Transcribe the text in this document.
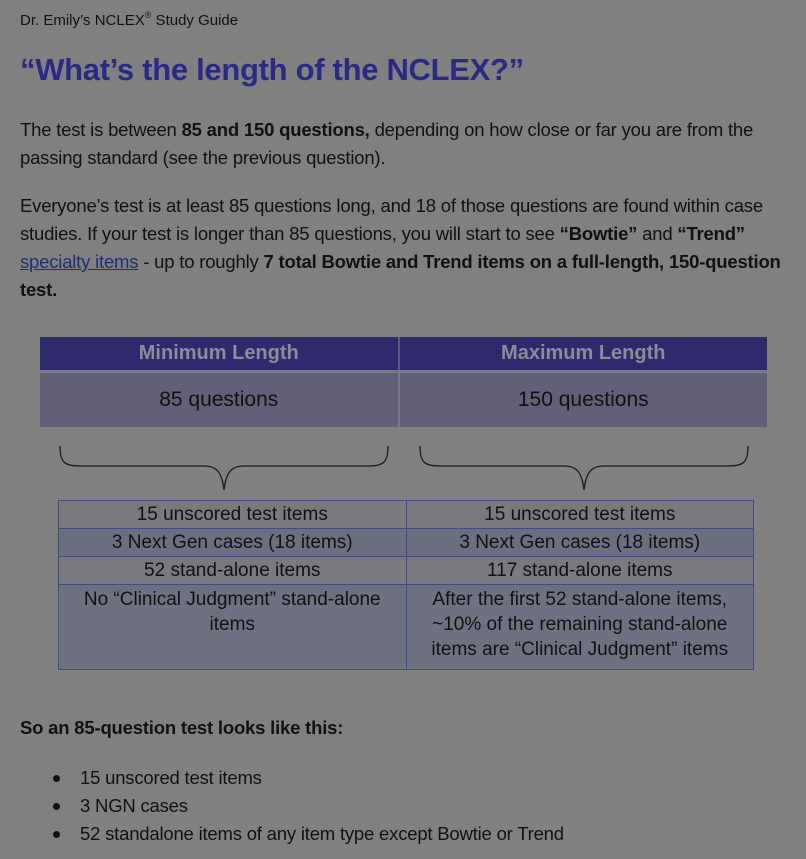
Dr. Emily’s NCLEX® Study Guide
“What’s the length of the NCLEX?”
The test is between 85 and 150 questions, depending on how close or far you are from the passing standard (see the previous question).
Everyone’s test is at least 85 questions long, and 18 of those questions are found within case studies. If your test is longer than 85 questions, you will start to see “Bowtie” and “Trend” specialty items - up to roughly 7 total Bowtie and Trend items on a full-length, 150-question test.
Minimum Length	Maximum Length
85 questions	150 questions
15 unscored test items	15 unscored test items
3 Next Gen cases (18 items)	3 Next Gen cases (18 items)
52 stand-alone items	117 stand-alone items
No “Clinical Judgment” stand-alone items	After the first 52 stand-alone items, ~10% of the remaining stand-alone items are “Clinical Judgment” items
So an 85-question test looks like this:
15 unscored test items
3 NGN cases
52 standalone items of any item type except Bowtie or Trend
